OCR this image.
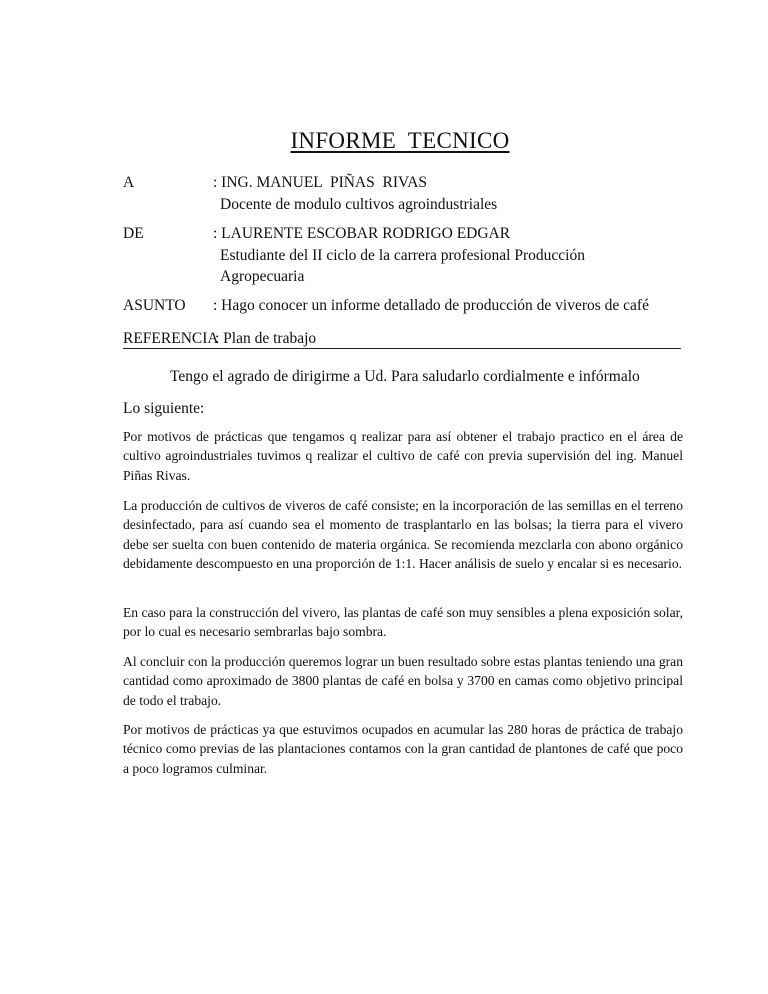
INFORME  TECNICO
A	: ING. MANUEL  PIÑAS  RIVAS
Docente de modulo cultivos agroindustriales
DE	: LAURENTE ESCOBAR RODRIGO EDGAR
Estudiante del II ciclo de la carrera profesional Producción
Agropecuaria
ASUNTO : Hago conocer un informe detallado de producción de viveros de café
REFERENCIA
: Plan de trabajo
Tengo el agrado de dirigirme a Ud. Para saludarlo cordialmente e infórmalo
Lo siguiente:
Por motivos de prácticas que tengamos q realizar para así obtener el trabajo practico en el área de cultivo agroindustriales tuvimos q realizar el cultivo de café con previa supervisión del ing. Manuel Piñas Rivas.
La producción de cultivos de viveros de café consiste; en la incorporación de las semillas en el terreno desinfectado, para así cuando sea el momento de trasplantarlo en las bolsas; la tierra para el vivero debe ser suelta con buen contenido de materia orgánica. Se recomienda mezclarla con abono orgánico debidamente descompuesto en una proporción de 1:1. Hacer análisis de suelo y encalar si es necesario.
En caso para la construcción del vivero, las plantas de café son muy sensibles a plena exposición solar, por lo cual es necesario sembrarlas bajo sombra.
Al concluir con la producción queremos lograr un buen resultado sobre estas plantas teniendo una gran cantidad como aproximado de 3800 plantas de café en bolsa y 3700 en camas como objetivo principal de todo el trabajo.
Por motivos de prácticas ya que estuvimos ocupados en acumular las 280 horas de práctica de trabajo técnico como previas de las plantaciones contamos con la gran cantidad de plantones de café que poco a poco logramos culminar.
